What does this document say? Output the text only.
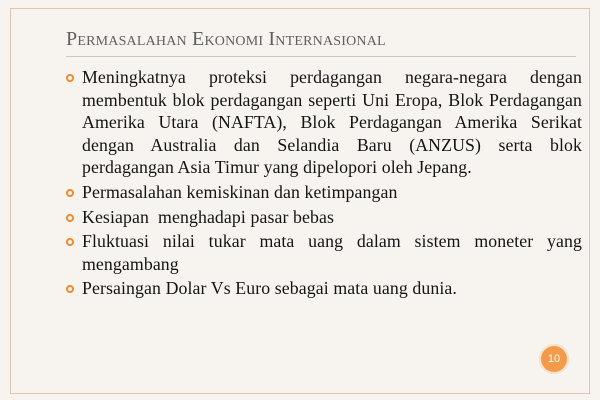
Permasalahan Ekonomi Internasional
Meningkatnya proteksi perdagangan negara-negara dengan membentuk blok perdagangan seperti Uni Eropa, Blok Perdagangan Amerika Utara (NAFTA), Blok Perdagangan Amerika Serikat dengan Australia dan Selandia Baru (ANZUS) serta blok perdagangan Asia Timur yang dipelopori oleh Jepang.
Permasalahan kemiskinan dan ketimpangan
Kesiapan  menghadapi pasar bebas
Fluktuasi nilai tukar mata uang dalam sistem moneter yang mengambang
Persaingan Dolar Vs Euro sebagai mata uang dunia.
10
